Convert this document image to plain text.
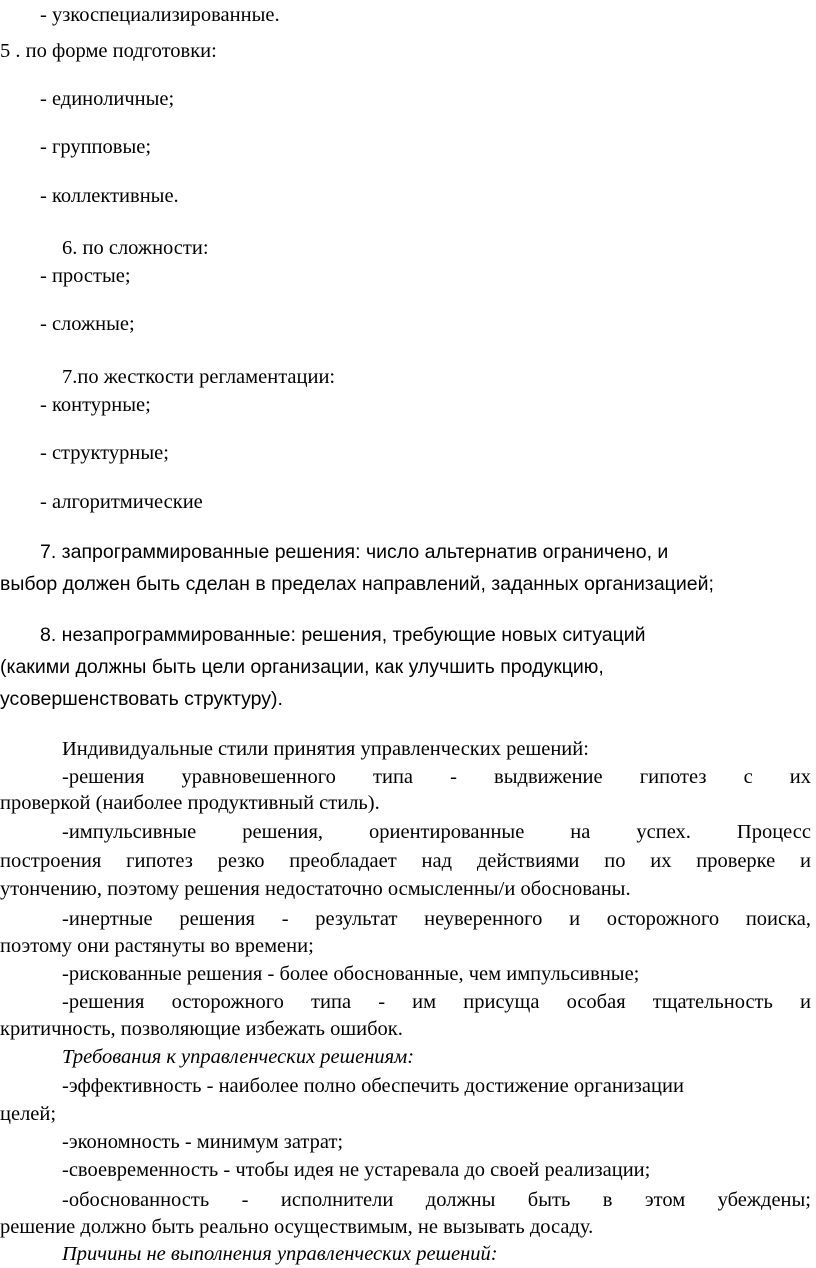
- узкоспециализированные.
5 . по форме подготовки:
- единоличные;
- групповые;
- коллективные.
6. по сложности:
- простые;
- сложные;
7.по жесткости регламентации:
- контурные;
- структурные;
- алгоритмические
7. запрограммированные решения: число альтернатив ограничено, и
выбор должен быть сделан в пределах направлений, заданных организацией;
8. незапрограммированные: решения, требующие новых ситуаций
(какими должны быть цели организации, как улучшить продукцию,
усовершенствовать структуру).
Индивидуальные стили принятия управленческих решений:
-решения уравновешенного типа - выдвижение гипотез с их
проверкой (наиболее продуктивный стиль).
-импульсивные решения, ориентированные на успех. Процесс
построения гипотез резко преобладает над действиями по их проверке и
утончению, поэтому решения недостаточно осмысленны/и обоснованы.
-инертные решения - результат неуверенного и осторожного поиска,
поэтому они растянуты во времени;
-рискованные решения - более обоснованные, чем импульсивные;
-решения осторожного типа - им присуща особая тщательность и
критичность, позволяющие избежать ошибок.
Требования к управленческих решениям:
-эффективность - наиболее полно обеспечить достижение организации
целей;
-экономность - минимум затрат;
-своевременность - чтобы идея не устаревала до своей реализации;
-обоснованность - исполнители должны быть в этом убеждены;
решение должно быть реально осуществимым, не вызывать досаду.
Причины не выполнения управленческих решений:
